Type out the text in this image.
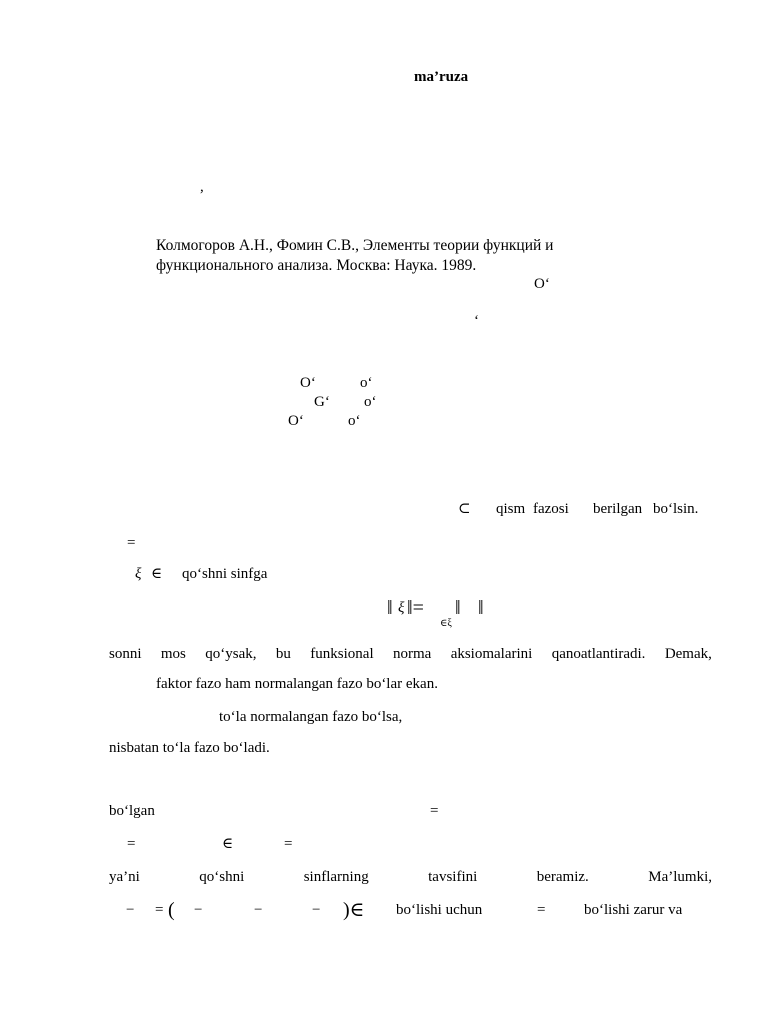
ma’ruza
,
Колмогоров А.Н., Фомин С.В., Элементы теории функций и
функционального анализа. Москва: Наука. 1989.
O‘
‘
O‘	o‘
G‘ o‘
O‘	o‘
⊂ qism fazosi berilgan bo‘lsin.
=
ξ ∈ qo‘shni sinfga
‖ ξ ‖=
∈ξ
‖ ‖
sonni mos qo‘ysak, bu funksional norma aksiomalarini qanoatlantiradi. Demak,
faktor fazo ham normalangan fazo bo‘lar ekan.
to‘la normalangan fazo bo‘lsa,
nisbatan to‘la fazo bo‘ladi.
bo‘lgan	=
=	∈	=
ya’ni	qo‘shni	sinflarning	tavsifini	beramiz.	Ma’lumki,
− = ( −	−	− )∈ bo‘lishi uchun	=	bo‘lishi zarur va
